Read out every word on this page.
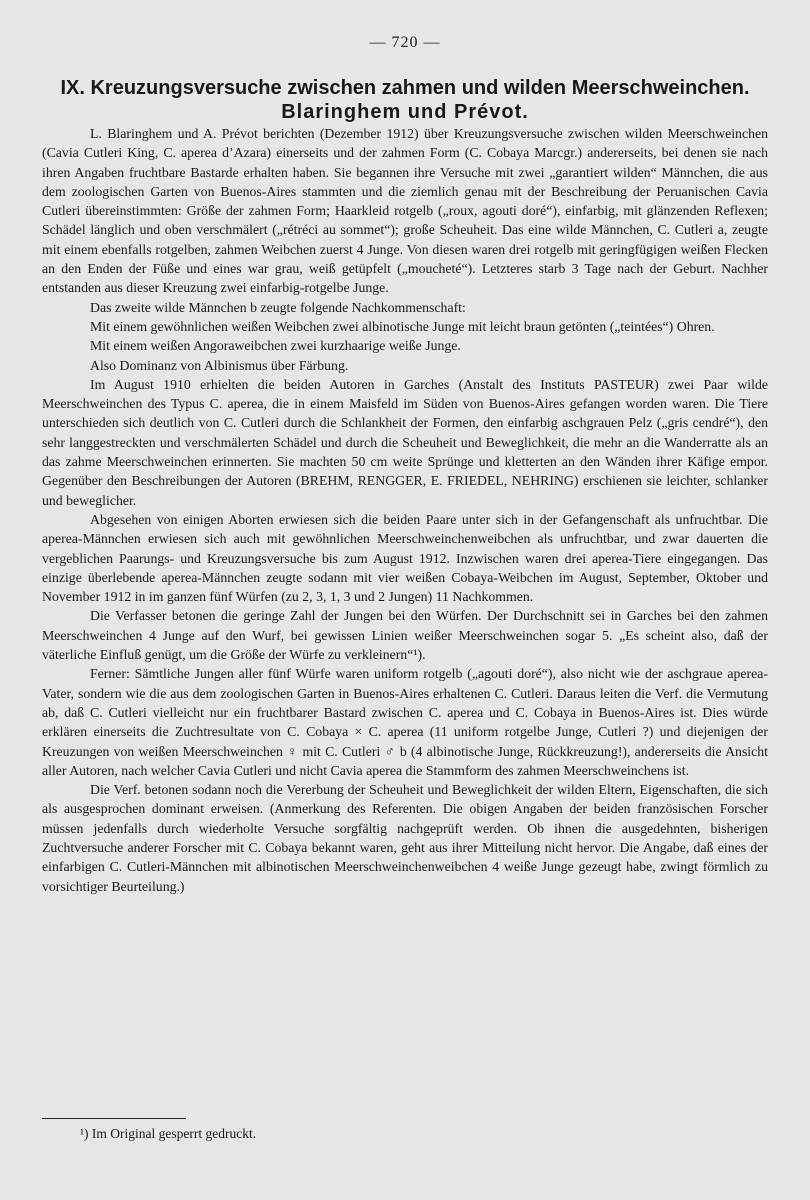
— 720 —
IX. Kreuzungsversuche zwischen zahmen und wilden Meerschweinchen.
Blaringhem und Prévot.

L. Blaringhem und A. Prévot berichten (Dezember 1912) über Kreuzungsversuche zwischen wilden Meerschweinchen (Cavia Cutleri King, C. aperea d’Azara) einerseits und der zahmen Form (C. Cobaya Marcgr.) andererseits, bei denen sie nach ihren Angaben fruchtbare Bastarde erhalten haben. Sie begannen ihre Versuche mit zwei „garantiert wilden“ Männchen, die aus dem zoologischen Garten von Buenos-Aires stammten und die ziemlich genau mit der Beschreibung der Peruanischen Cavia Cutleri übereinstimmten: Größe der zahmen Form; Haarkleid rotgelb („roux, agouti doré“), einfarbig, mit glänzenden Reflexen; Schädel länglich und oben verschmälert („rétréci au sommet“); große Scheuheit. Das eine wilde Männchen, C. Cutleri a, zeugte mit einem ebenfalls rotgelben, zahmen Weibchen zuerst 4 Junge. Von diesen waren drei rotgelb mit geringfügigen weißen Flecken an den Enden der Füße und eines war grau, weiß getüpfelt („moucheté“). Letzteres starb 3 Tage nach der Geburt. Nachher entstanden aus dieser Kreuzung zwei einfarbig-rotgelbe Junge.

Das zweite wilde Männchen b zeugte folgende Nachkommenschaft:

Mit einem gewöhnlichen weißen Weibchen zwei albinotische Junge mit leicht braun getönten („teintées“) Ohren.

Mit einem weißen Angoraweibchen zwei kurzhaarige weiße Junge.

Also Dominanz von Albinismus über Färbung.

Im August 1910 erhielten die beiden Autoren in Garches (Anstalt des Instituts PASTEUR) zwei Paar wilde Meerschweinchen des Typus C. aperea, die in einem Maisfeld im Süden von Buenos-Aires gefangen worden waren. Die Tiere unterschieden sich deutlich von C. Cutleri durch die Schlankheit der Formen, den einfarbig aschgrauen Pelz („gris cendré“), den sehr langgestreckten und verschmälerten Schädel und durch die Scheuheit und Beweglichkeit, die mehr an die Wanderratte als an das zahme Meerschweinchen erinnerten. Sie machten 50 cm weite Sprünge und kletterten an den Wänden ihrer Käfige empor. Gegenüber den Beschreibungen der Autoren (BREHM, RENGGER, E. FRIEDEL, NEHRING) erschienen sie leichter, schlanker und beweglicher.

Abgesehen von einigen Aborten erwiesen sich die beiden Paare unter sich in der Gefangenschaft als unfruchtbar. Die aperea-Männchen erwiesen sich auch mit gewöhnlichen Meerschweinchenweibchen als unfruchtbar, und zwar dauerten die vergeblichen Paarungs- und Kreuzungsversuche bis zum August 1912. Inzwischen waren drei aperea-Tiere eingegangen. Das einzige überlebende aperea-Männchen zeugte sodann mit vier weißen Cobaya-Weibchen im August, September, Oktober und November 1912 in im ganzen fünf Würfen (zu 2, 3, 1, 3 und 2 Jungen) 11 Nachkommen.

Die Verfasser betonen die geringe Zahl der Jungen bei den Würfen. Der Durchschnitt sei in Garches bei den zahmen Meerschweinchen 4 Junge auf den Wurf, bei gewissen Linien weißer Meerschweinchen sogar 5. „Es scheint also, daß der väterliche Einfluß genügt, um die Größe der Würfe zu verkleinern“¹).

Ferner: Sämtliche Jungen aller fünf Würfe waren uniform rotgelb („agouti doré“), also nicht wie der aschgraue aperea-Vater, sondern wie die aus dem zoologischen Garten in Buenos-Aires erhaltenen C. Cutleri. Daraus leiten die Verf. die Vermutung ab, daß C. Cutleri vielleicht nur ein fruchtbarer Bastard zwischen C. aperea und C. Cobaya in Buenos-Aires ist. Dies würde erklären einerseits die Zuchtresultate von C. Cobaya × C. aperea (11 uniform rotgelbe Junge, Cutleri ?) und diejenigen der Kreuzungen von weißen Meerschweinchen ♀ mit C. Cutleri ♂ b (4 albinotische Junge, Rückkreuzung!), andererseits die Ansicht aller Autoren, nach welcher Cavia Cutleri und nicht Cavia aperea die Stammform des zahmen Meerschweinchens ist.

Die Verf. betonen sodann noch die Vererbung der Scheuheit und Beweglichkeit der wilden Eltern, Eigenschaften, die sich als ausgesprochen dominant erweisen. (Anmerkung des Referenten. Die obigen Angaben der beiden französischen Forscher müssen jedenfalls durch wiederholte Versuche sorgfältig nachgeprüft werden. Ob ihnen die ausgedehnten, bisherigen Zuchtversuche anderer Forscher mit C. Cobaya bekannt waren, geht aus ihrer Mitteilung nicht hervor. Die Angabe, daß eines der einfarbigen C. Cutleri-Männchen mit albinotischen Meerschweinchenweibchen 4 weiße Junge gezeugt habe, zwingt förmlich zu vorsichtiger Beurteilung.)

¹) Im Original gesperrt gedruckt.
